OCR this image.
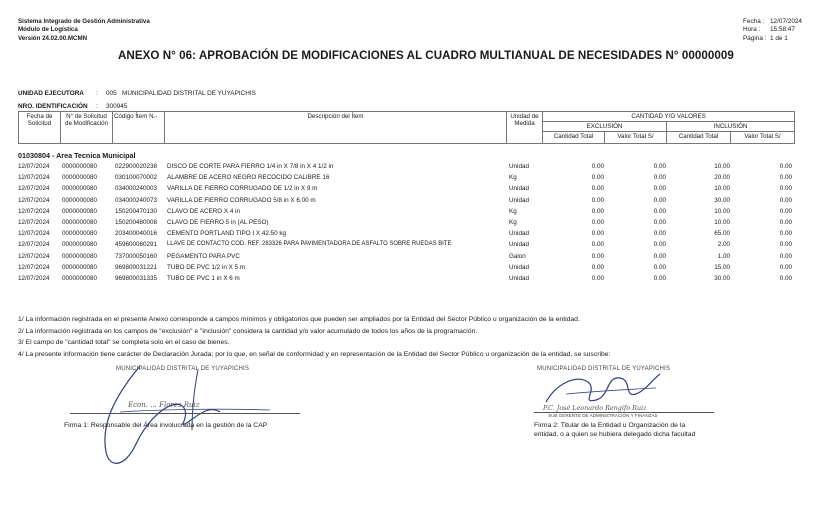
Sistema Integrado de Gestión Administrativa
Módulo de Logística
Versión 24.02.00.MCMN
Fecha : 12/07/2024
Hora : 15:58:47
Página : 1 de 1
ANEXO N° 06: APROBACIÓN DE MODIFICACIONES AL CUADRO MULTIANUAL DE NECESIDADES N° 00000009
UNIDAD EJECUTORA : 005 MUNICIPALIDAD DISTRITAL DE YUYAPICHIS
NRO. IDENTIFICACIÓN : 300945
Fecha de Solicitud	N° de Solicitud de Modificación	Código Ítem N.-	Descripción del Ítem	Unidad de Medida	CANTIDAD Y/O VALORES			
					EXCLUSIÓN		INCLUSIÓN	
					Cantidad Total	Valor Total S/	Cantidad Total	Valor Total S/
01030804 - Area Tecnica Municipal
12/07/2024 0000000080	022900020238 DISCO DE CORTE PARA FIERRO 1/4 in X 7/8 in X 4 1/2 in	Unidad	0.00	0.00	10.00	0.00
12/07/2024 0000000080	030100070002 ALAMBRE DE ACERO NEGRO RECOCIDO CALIBRE 16	Kg	0.00	0.00	20.00	0.00
12/07/2024 0000000080	034000240003 VARILLA DE FIERRO CORRUGADO DE 1/2 in X 9 m	Unidad	0.00	0.00	10.00	0.00
12/07/2024 0000000080	034000240073 VARILLA DE FIERRO CORRUGADO 5/8 in X 6.00 m	Unidad	0.00	0.00	30.00	0.00
12/07/2024 0000000080	150200470130 CLAVO DE ACERO X 4 in	Kg	0.00	0.00	10.00	0.00
12/07/2024 0000000080	150200480008 CLAVO DE FIERRO 5 in (AL PESO)	Kg	0.00	0.00	10.00	0.00
12/07/2024 0000000080	203400040016 CEMENTO PORTLAND TIPO I X 42.50 kg	Unidad	0.00	0.00	65.00	0.00
12/07/2024 0000000080	459600060291 LLAVE DE CONTACTO COD. REF. 283326 PARA PAVIMENTADORA DE ASFALTO SOBRE RUEDAS BITE	Unidad	0.00	0.00	2.00	0.00
12/07/2024 0000000080	737000050160 PEGAMENTO PARA PVC	Galon	0.00	0.00	1.00	0.00
12/07/2024 0000000080	969800031221 TUBO DE PVC 1/2 in X 5 m	Unidad	0.00	0.00	15.00	0.00
12/07/2024 0000000080	969800031335 TUBO DE PVC 1 in X 6 m	Unidad	0.00	0.00	30.00	0.00
1/ La información registrada en el presente Anexo corresponde a campos mínimos y obligatorios que pueden ser ampliados por la Entidad del Sector Público u organización de la entidad.
2/ La información registrada en los campos de "exclusión" e "inclusión" considera la cantidad y/o valor acumulado de todos los años de la programación.
3/ El campo de "cantidad total" se completa solo en el caso de bienes.
4/ La presente información tiene carácter de Declaración Jurada; por lo que, en señal de conformidad y en representación de la Entidad del Sector Público u organización de la entidad, se suscribe:
MUNICIPALIDAD DISTRITAL DE YUYAPICHIS
Econ. ... Flores Ruiz
Firma 1: Responsable del Área involucrada en la gestión de la CAP
MUNICIPALIDAD DISTRITAL DE YUYAPICHIS
P.C. José Leonardo Rengifo Ruiz
SUB GERENTE DE ADMINISTRACIÓN Y FINANZAS
Firma 2: Titular de la Entidad u Organización de la
entidad, o a quien se hubiera delegado dicha facultad
